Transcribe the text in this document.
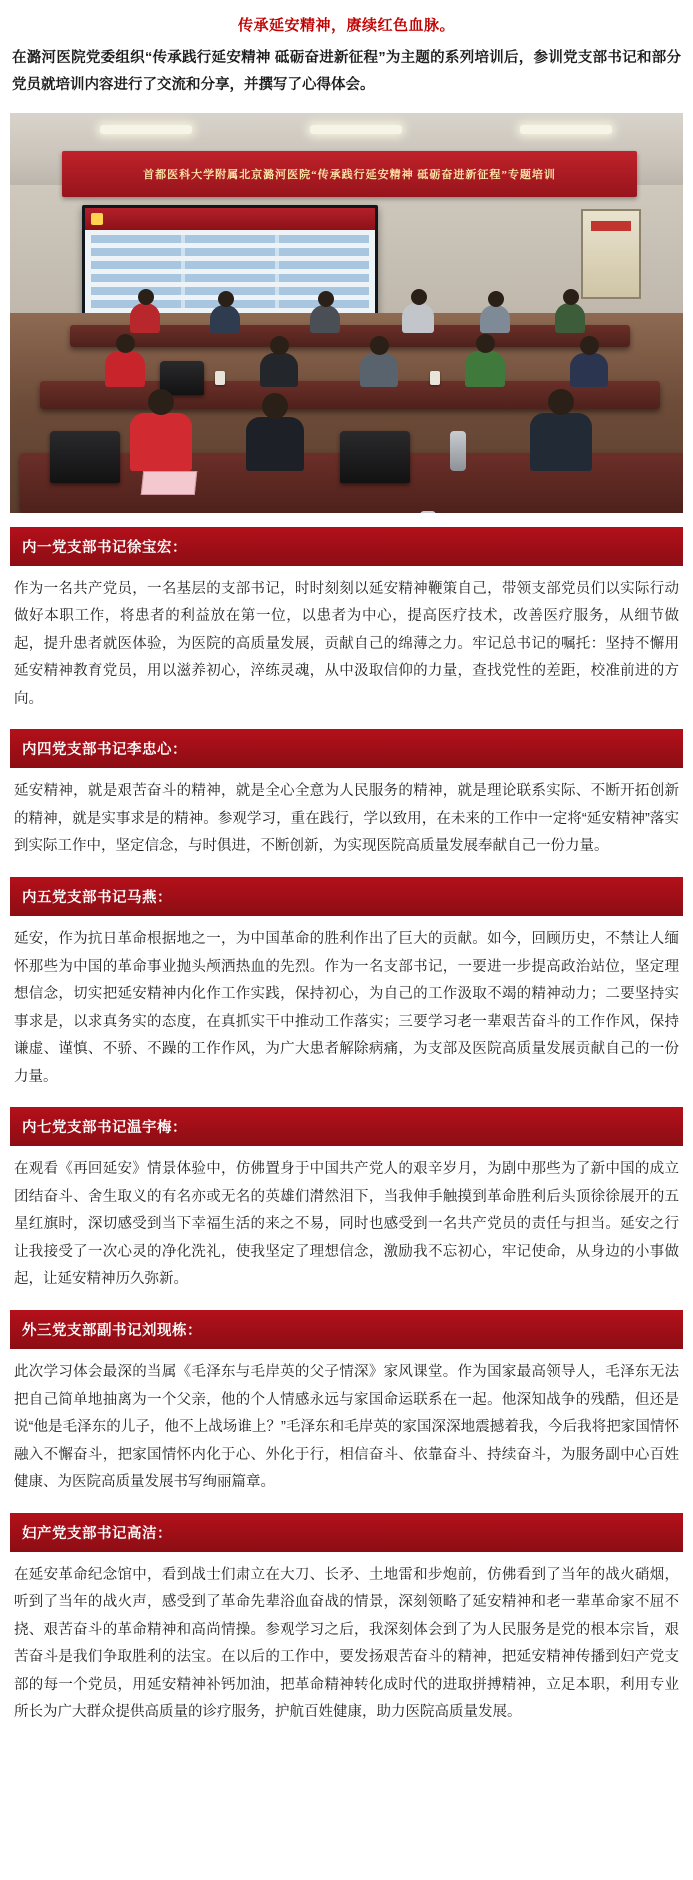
传承延安精神，赓续红色血脉。
在潞河医院党委组织“传承践行延安精神 砥砺奋进新征程”为主题的系列培训后，参训党支部书记和部分党员就培训内容进行了交流和分享，并撰写了心得体会。
首都医科大学附属北京潞河医院“传承践行延安精神 砥砺奋进新征程”专题培训
内一党支部书记徐宝宏：
作为一名共产党员，一名基层的支部书记，时时刻刻以延安精神鞭策自己，带领支部党员们以实际行动做好本职工作，将患者的利益放在第一位，以患者为中心，提高医疗技术，改善医疗服务，从细节做起，提升患者就医体验，为医院的高质量发展，贡献自己的绵薄之力。牢记总书记的嘱托：坚持不懈用延安精神教育党员，用以滋养初心，淬练灵魂，从中汲取信仰的力量，查找党性的差距，校准前进的方向。
内四党支部书记李忠心：
延安精神，就是艰苦奋斗的精神，就是全心全意为人民服务的精神，就是理论联系实际、不断开拓创新的精神，就是实事求是的精神。参观学习，重在践行，学以致用，在未来的工作中一定将“延安精神”落实到实际工作中，坚定信念，与时俱进，不断创新，为实现医院高质量发展奉献自己一份力量。
内五党支部书记马燕：
延安，作为抗日革命根据地之一，为中国革命的胜利作出了巨大的贡献。如今，回顾历史，不禁让人缅怀那些为中国的革命事业抛头颅洒热血的先烈。作为一名支部书记，一要进一步提高政治站位，坚定理想信念，切实把延安精神内化作工作实践，保持初心，为自己的工作汲取不竭的精神动力；二要坚持实事求是，以求真务实的态度，在真抓实干中推动工作落实；三要学习老一辈艰苦奋斗的工作作风，保持谦虚、谨慎、不骄、不躁的工作作风，为广大患者解除病痛，为支部及医院高质量发展贡献自己的一份力量。
内七党支部书记温宇梅：
在观看《再回延安》情景体验中，仿佛置身于中国共产党人的艰辛岁月，为剧中那些为了新中国的成立团结奋斗、舍生取义的有名亦或无名的英雄们潸然泪下，当我伸手触摸到革命胜利后头顶徐徐展开的五星红旗时，深切感受到当下幸福生活的来之不易，同时也感受到一名共产党员的责任与担当。延安之行让我接受了一次心灵的净化洗礼，使我坚定了理想信念，激励我不忘初心，牢记使命，从身边的小事做起，让延安精神历久弥新。
外三党支部副书记刘现栋：
此次学习体会最深的当属《毛泽东与毛岸英的父子情深》家风课堂。作为国家最高领导人，毛泽东无法把自己简单地抽离为一个父亲，他的个人情感永远与家国命运联系在一起。他深知战争的残酷，但还是说“他是毛泽东的儿子，他不上战场谁上？”毛泽东和毛岸英的家国深深地震撼着我，今后我将把家国情怀融入不懈奋斗，把家国情怀内化于心、外化于行，相信奋斗、依靠奋斗、持续奋斗，为服务副中心百姓健康、为医院高质量发展书写绚丽篇章。
妇产党支部书记高洁：
在延安革命纪念馆中，看到战士们肃立在大刀、长矛、土地雷和步炮前，仿佛看到了当年的战火硝烟，听到了当年的战火声，感受到了革命先辈浴血奋战的情景，深刻领略了延安精神和老一辈革命家不屈不挠、艰苦奋斗的革命精神和高尚情操。参观学习之后，我深刻体会到了为人民服务是党的根本宗旨，艰苦奋斗是我们争取胜利的法宝。在以后的工作中，要发扬艰苦奋斗的精神，把延安精神传播到妇产党支部的每一个党员，用延安精神补钙加油，把革命精神转化成时代的进取拼搏精神，立足本职，利用专业所长为广大群众提供高质量的诊疗服务，护航百姓健康，助力医院高质量发展。
